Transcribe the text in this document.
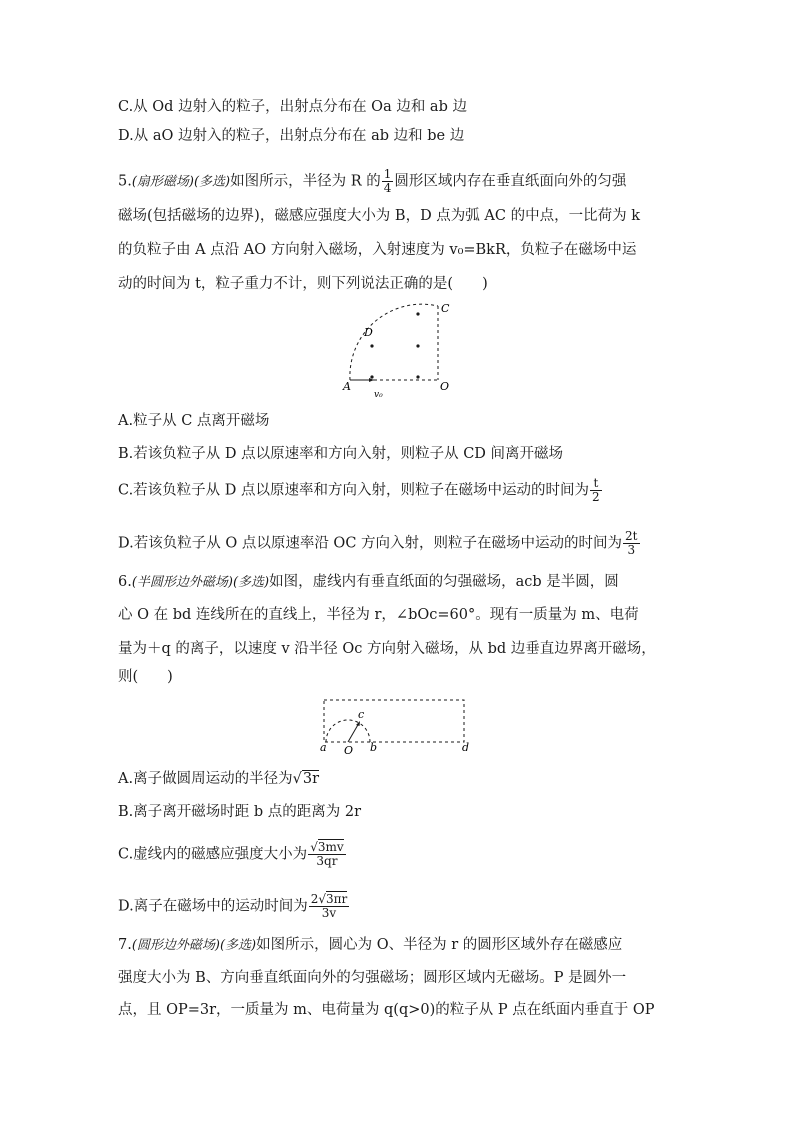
C.从 Od 边射入的粒子，出射点分布在 Oa 边和 ab 边
D.从 aO 边射入的粒子，出射点分布在 ab 边和 be 边
5.(扇形磁场)(多选)如图所示，半径为 R 的 $\frac{1}{4}$ 圆形区域内存在垂直纸面向外的匀强
磁场(包括磁场的边界)，磁感应强度大小为 B，D 点为弧 AC 的中点，一比荷为 k
的负粒子由 A 点沿 AO 方向射入磁场，入射速度为 v₀=BkR，负粒子在磁场中运
动的时间为 t，粒子重力不计，则下列说法正确的是(　　)
C
D
A	O
v₀
A.粒子从 C 点离开磁场
B.若该负粒子从 D 点以原速率和方向入射，则粒子从 CD 间离开磁场
C.若该负粒子从 D 点以原速率和方向入射，则粒子在磁场中运动的时间为 $\frac{t}{2}$
D.若该负粒子从 O 点以原速率沿 OC 方向入射，则粒子在磁场中运动的时间为 $\frac{2t}{3}$
6.(半圆形边外磁场)(多选)如图，虚线内有垂直纸面的匀强磁场，acb 是半圆，圆
心 O 在 bd 连线所在的直线上，半径为 r，∠bOc=60°。现有一质量为 m、电荷
量为＋q 的离子，以速度 v 沿半径 Oc 方向射入磁场，从 bd 边垂直边界离开磁场，
则(　　)
a
c
O b	d
A.离子做圆周运动的半径为√3r
B.离子离开磁场时距 b 点的距离为 2r
C.虚线内的磁感应强度大小为 $\frac{√3mv}{3qr}$
D.离子在磁场中的运动时间为 $\frac{2√3\pi r}{3v}$
7.(圆形边外磁场)(多选)如图所示，圆心为 O、半径为 r 的圆形区域外存在磁感应
强度大小为 B、方向垂直纸面向外的匀强磁场；圆形区域内无磁场。P 是圆外一
点，且 OP=3r，一质量为 m、电荷量为 q(q>0)的粒子从 P 点在纸面内垂直于 OP
